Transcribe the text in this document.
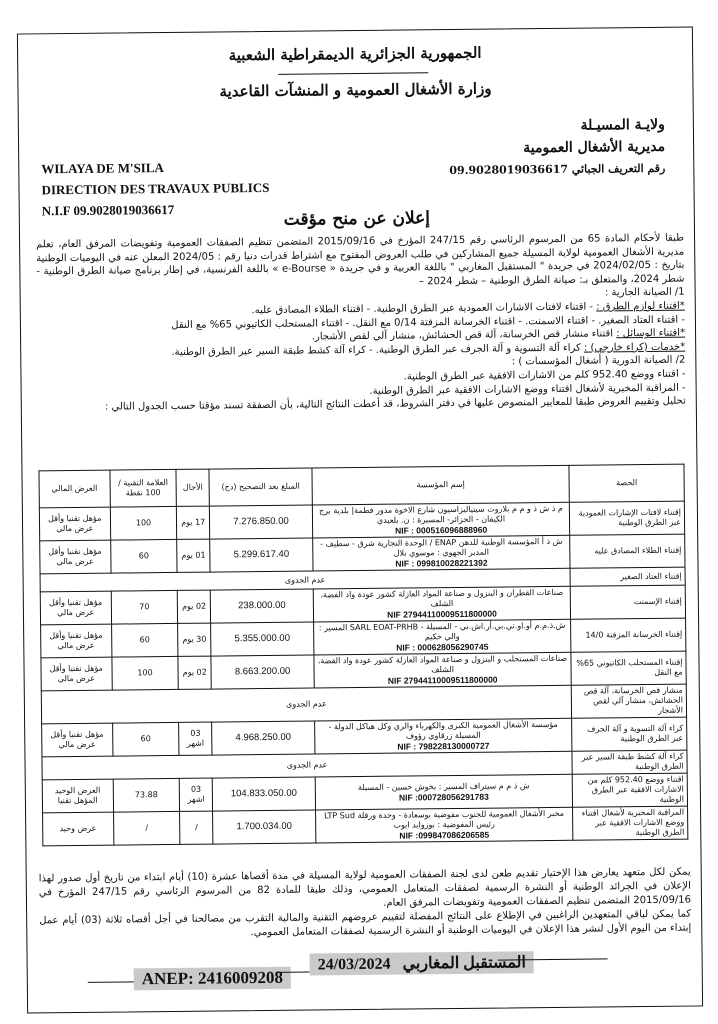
الجمهورية الجزائرية الديمقراطية الشعبية
وزارة الأشغال العمومية و المنشآت القاعدية
ولايـة المسيـلة
مديرية الأشغال العمومية
رقم التعريف الجبائي 09.9028019036617
WILAYA DE M'SILA
DIRECTION DES TRAVAUX PUBLICS
N.I.F 09.9028019036617	إعلان عن منح مؤقت

طبقا لأحكام المادة 65 من المرسوم الرئاسي رقم 247/15 المؤرخ في 2015/09/16 المتضمن تنظيم الصفقات العمومية وتفويضات المرفق العام، تعلم مديرية الأشغال العمومية لولاية المسيلة جميع المشاركين في طلب العروض المفتوح مع اشتراط قدرات دنيا رقم : 2024/05 المعلن عنه في اليوميات الوطنية بتاريخ : 2024/02/05 في جريدة " المستقبل المغاربي " باللغة العربية و في جريدة « e-Bourse » باللغة الفرنسية، في إطار برنامج صيانة الطرق الوطنية - شطر 2024، والمتعلق بـ: صيانة الطرق الوطنية – شطر 2024 –

1/ الصيانة الجارية :

*اقتناء لوازم الطرق : - اقتناء لافتات الاشارات العمودية عبر الطرق الوطنية. - اقتناء الطلاء المصادق عليه.

- اقتناء العتاد الصغير. - اقتناء الاسمنت. - اقتناء الخرسانة المزفتة 0/14 مع النقل. - اقتناء المستحلب الكاتيوني 65% مع النقل

*اقتناء الوسائل : اقتناء منشار قص الخرسانة، آلة قص الحشائش، منشار آلي لقص الأشجار.

*خدمات (كراء خارجي) : كراء آلة التسوية و آلة الجرف عبر الطرق الوطنية. - كراء آلة كشط طبقة السير عبر الطرق الوطنية.

2/ الصيانة الدورية ( أشغال المؤسسات ) :

- اقتناء ووضع 952.40 كلم من الاشارات الافقية عبر الطرق الوطنية.

- المراقبة المخبرية لأشغال اقتناء ووضع الاشارات الافقية عبر الطرق الوطنية.

تحليل وتقييم العروض طبقا للمعايير المنصوص عليها في دفتر الشروط، قد أعطت النتائج التالية، بأن الصفقة تسند مؤقتا حسب الجدول التالي :

الحصة	إسم المؤسسة	المبلغ بعد التصحيح (دج)	الأجال	العلامة التقنية / 100 نقطة	العرض المالي
إقتناء لافتات الإشارات العمودية عبر الطرق الوطنية	م ذ ش ذ و م م بلاروت سينياليزاسيون شارع الاخوة مدور فطمة| بلدية برج الكيفان - الجزائر- المسيرة : ن. بلعيدي
NIF : 000516096888960	7.276.850.00	17 يوم	100	مؤهل تقنيا وأقل عرض مالي
إقتناء الطلاء المصادق عليه	ش ذ أ المؤسسة الوطنية للدهن ENAP / الوحدة التجارية شرق - سطيف - المدير الجهوي : موسوي بلال
NIF : 099810028221392	5.299.617.40	01 يوم	60	مؤهل تقنيا وأقل عرض مالي
إقتناء العتاد الصغير	عدم الجدوى				
إقتناء الإسمنت	صناعات القطران و البنزول و صناعة المواد العازلة كشور عودة واد الفضة، الشلف
NIF 27944110009511800000	238.000.00	02 يوم	70	مؤهل تقنيا وأقل عرض مالي
إقتناء الخرسانة المزفتة 14/0	ش.ذ.م.م أو.او.تي.بي.أر.اش.بي - المسيلة - SARL EOAT-PRHB المسير : والي حكيم
NIF : 000628056290745	5.355.000.00	30 يوم	60	مؤهل تقنيا وأقل عرض مالي
إقتناء المستحلب الكاتيوني 65% مع النقل	صناعات المستحلب و البنزول و صناعة المواد العازلة كشور عودة واد الفضة، الشلف
NIF 27944110009511800000	8.663.200.00	02 يوم	100	مؤهل تقنيا وأقل عرض مالي
منشار قص الخرسانة، آلة قص الحشائش، منشار آلي لقص الأشجار	عدم الجدوى				
كراء آلة التسوية و آلة الجرف عبر الطرق الوطنية	مؤسسة الأشغال العمومية الكبرى والكهرباء والري وكل هياكل الدولة - المسيلة زرقاوي رؤوف
NIF : 798228130000727	4.968.250.00	03 اشهر	60	مؤهل تقنيا وأقل عرض مالي
كراء آلة كشط طبقة السير عبر الطرق الوطنية	عدم الجدوى				
اقتناء ووضع 952.40 كلم من الاشارات الافقية عبر الطرق الوطنية	ش ذ م م سيتراف المسير : بخوش حسين - المسيلة
NIF :000728056291783	104.833.050.00	03 اشهر	73.88	العرض الوحيد المؤهل تقنيا
المراقبة المخبرية لأشغال اقتناء ووضع الاشارات الافقية عبر الطرق الوطنية	مخبر الأشغال العمومية للجنوب مفوضية بوسعادة - وحدة ورقلة LTP Sud رئيس المفوضية : بوزوايد ايوب
NIF :099847086206585	1.700.034.00	/	/	عرض وحيد

يمكن لكل متعهد يعارض هذا الإختيار تقديم طعن لدى لجنة الصفقات العمومية لولاية المسيلة في مدة أقصاها عشرة (10) أيام ابتداء من تاريخ أول صدور لهذا الإعلان في الجرائد الوطنية أو النشرة الرسمية لصفقات المتعامل العمومي، وذلك طبقا للمادة 82 من المرسوم الرئاسي رقم 247/15 المؤرخ في 2015/09/16 المتضمن تنظيم الصفقات العمومية وتفويضات المرفق العام.

كما يمكن لباقي المتعهدين الراغبين في الإطلاع على النتائج المفصلة لتقييم عروضهم التقنية والمالية التقرب من مصالحنا في أجل أقصاه ثلاثة (03) أيام عمل إبتداء من اليوم الأول لنشر هذا الإعلان في اليوميات الوطنية أو النشرة الرسمية لصفقات المتعامل العمومي.

ANEP: 2416009208
24/03/2024 المستقبل المغاربي
